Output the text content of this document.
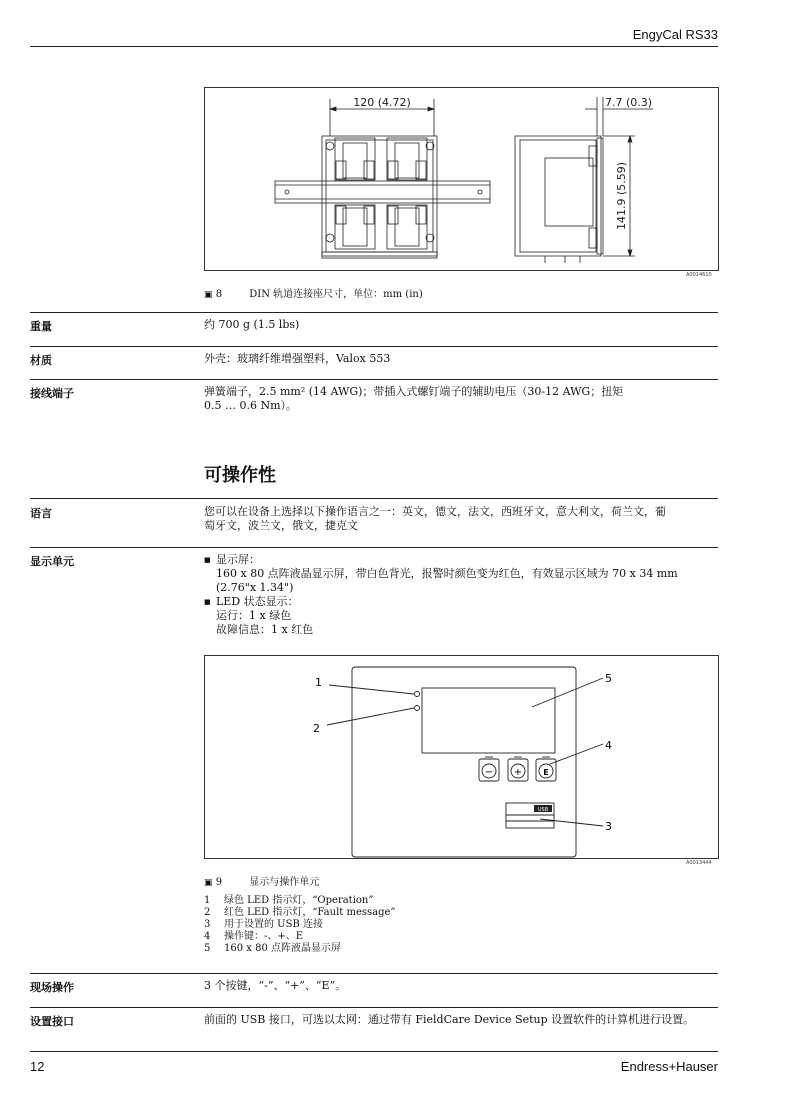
EngyCal RS33
120 (4.72)	7.7 (0.3)
141.9 (5.59)
A0014610
▣ 8	DIN 轨道连接座尺寸，单位：mm (in)
重量	约 700 g (1.5 lbs)
材质	外壳：玻璃纤维增强塑料，Valox 553
接线端子	弹簧端子，2.5 mm² (14 AWG)；带插入式螺钉端子的辅助电压（30-12 AWG；扭矩
0.5 … 0.6 Nm）。
可操作性
语言	您可以在设备上选择以下操作语言之一：英文，德文，法文，西班牙文，意大利文，荷兰文，葡
萄牙文，波兰文，俄文，捷克文
显示单元
■	显示屏：
160 x 80 点阵液晶显示屏，带白色背光，报警时颜色变为红色，有效显示区域为 70 x 34 mm
(2.76"x 1.34")
■ LED 状态显示：
运行：1 x 绿色
故障信息：1 x 红色
USB
− +	E
1
2
5
4
3
A0013444
▣ 9	显示与操作单元
1	绿色 LED 指示灯，“Operation”
2	红色 LED 指示灯，“Fault message”
3	用于设置的 USB 连接
4	操作键：-、+、E
5	160 x 80 点阵液晶显示屏
现场操作	3 个按键，“-”、“+”、“E”。
设置接口	前面的 USB 接口，可选以太网：通过带有 FieldCare Device Setup 设置软件的计算机进行设置。
12	Endress+Hauser
